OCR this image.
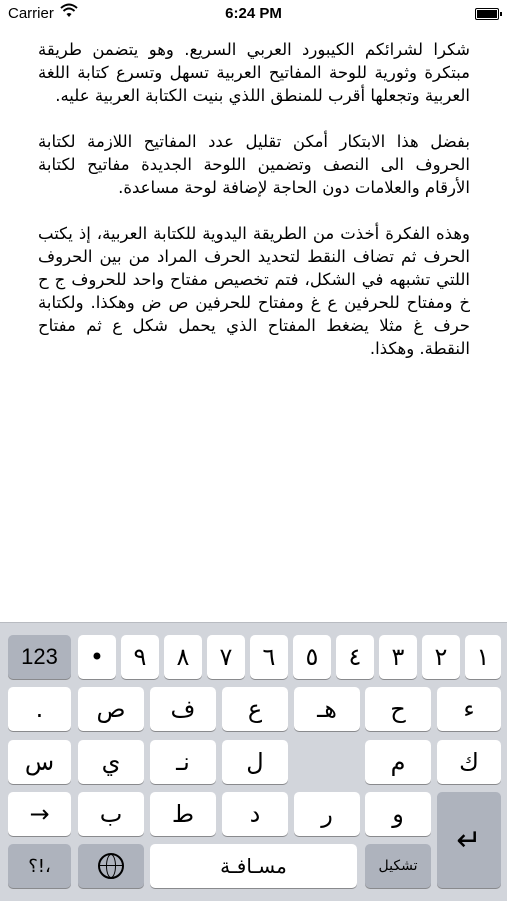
Carrier	6:24 PM

شكرا لشرائكم الكيبورد العربي السريع. وهو يتضمن طريقة مبتكرة وثورية للوحة المفاتيح العربية تسهل وتسرع كتابة اللغة العربية وتجعلها أقرب للمنطق اللذي بنيت الكتابة العربية عليه.

بفضل هذا الابتكار أمكن تقليل عدد المفاتيح اللازمة لكتابة الحروف الى النصف وتضمين اللوحة الجديدة مفاتيح لكتابة الأرقام والعلامات دون الحاجة لإضافة لوحة مساعدة.

وهذه الفكرة أخذت من الطريقة اليدوية للكتابة العربية، إذ يكتب الحرف ثم تضاف النقط لتحديد الحرف المراد من بين الحروف اللتي تشبهه في الشكل، فتم تخصيص مفتاح واحد للحروف ج ح خ ومفتاح للحرفين ع غ ومفتاح للحرفين ص ض وهكذا. ولكتابة حرف غ مثلا يضغط المفتاح الذي يحمل شكل ع ثم مفتاح النقطة. وهكذا.

123	•	٩	٨	٧	٦	٥	٤	٣	٢	١
.	ص	ف	ع	هـ	ح	ء
س	ي	نـ	ل	م	ك
→	ب	ط	د	ر	و
؟!،	مسـافـة	تشكيل
↵
